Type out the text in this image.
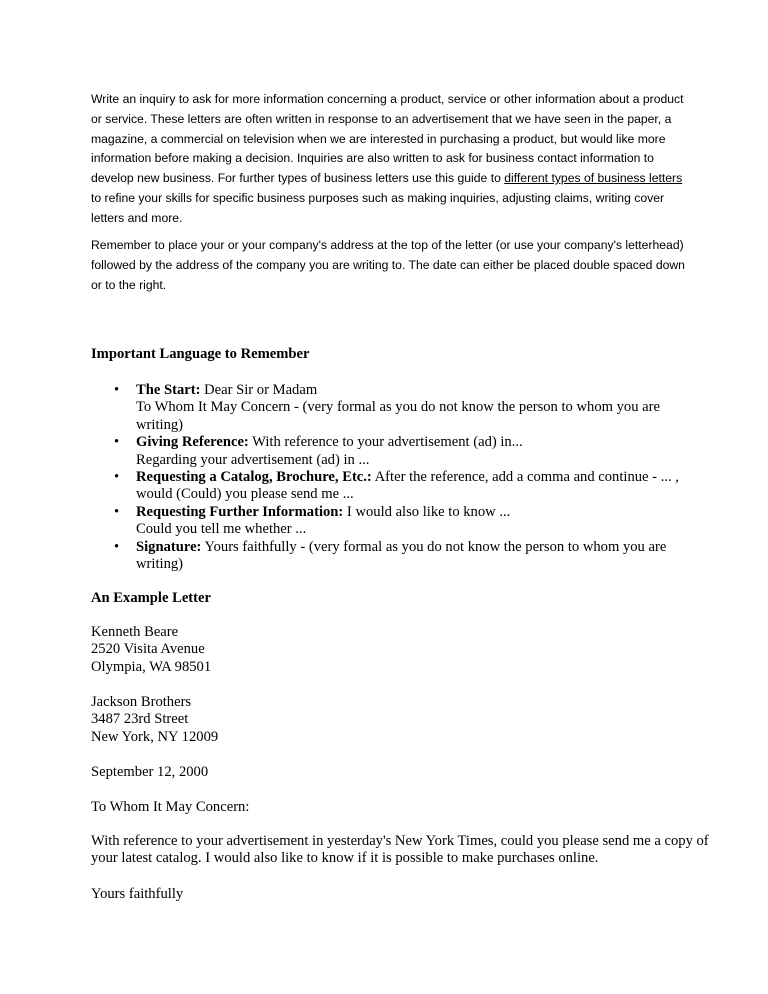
Write an inquiry to ask for more information concerning a product, service or other information about a product or service. These letters are often written in response to an advertisement that we have seen in the paper, a magazine, a commercial on television when we are interested in purchasing a product, but would like more information before making a decision. Inquiries are also written to ask for business contact information to develop new business. For further types of business letters use this guide to different types of business letters to refine your skills for specific business purposes such as making inquiries, adjusting claims, writing cover letters and more.

Remember to place your or your company's address at the top of the letter (or use your company's letterhead) followed by the address of the company you are writing to. The date can either be placed double spaced down or to the right.

Important Language to Remember
•	The Start: Dear Sir or Madam
To Whom It May Concern - (very formal as you do not know the person to whom you are writing)
•	Giving Reference: With reference to your advertisement (ad) in...
Regarding your advertisement (ad) in ...
•	Requesting a Catalog, Brochure, Etc.: After the reference, add a comma and continue - ... , would (Could) you please send me ...
•	Requesting Further Information: I would also like to know ...
Could you tell me whether ...
•	Signature: Yours faithfully - (very formal as you do not know the person to whom you are writing)
An Example Letter
Kenneth Beare
2520 Visita Avenue
Olympia, WA 98501
Jackson Brothers
3487 23rd Street
New York, NY 12009

September 12, 2000

To Whom It May Concern:

With reference to your advertisement in yesterday's New York Times, could you please send me a copy of your latest catalog. I would also like to know if it is possible to make purchases online.

Yours faithfully
